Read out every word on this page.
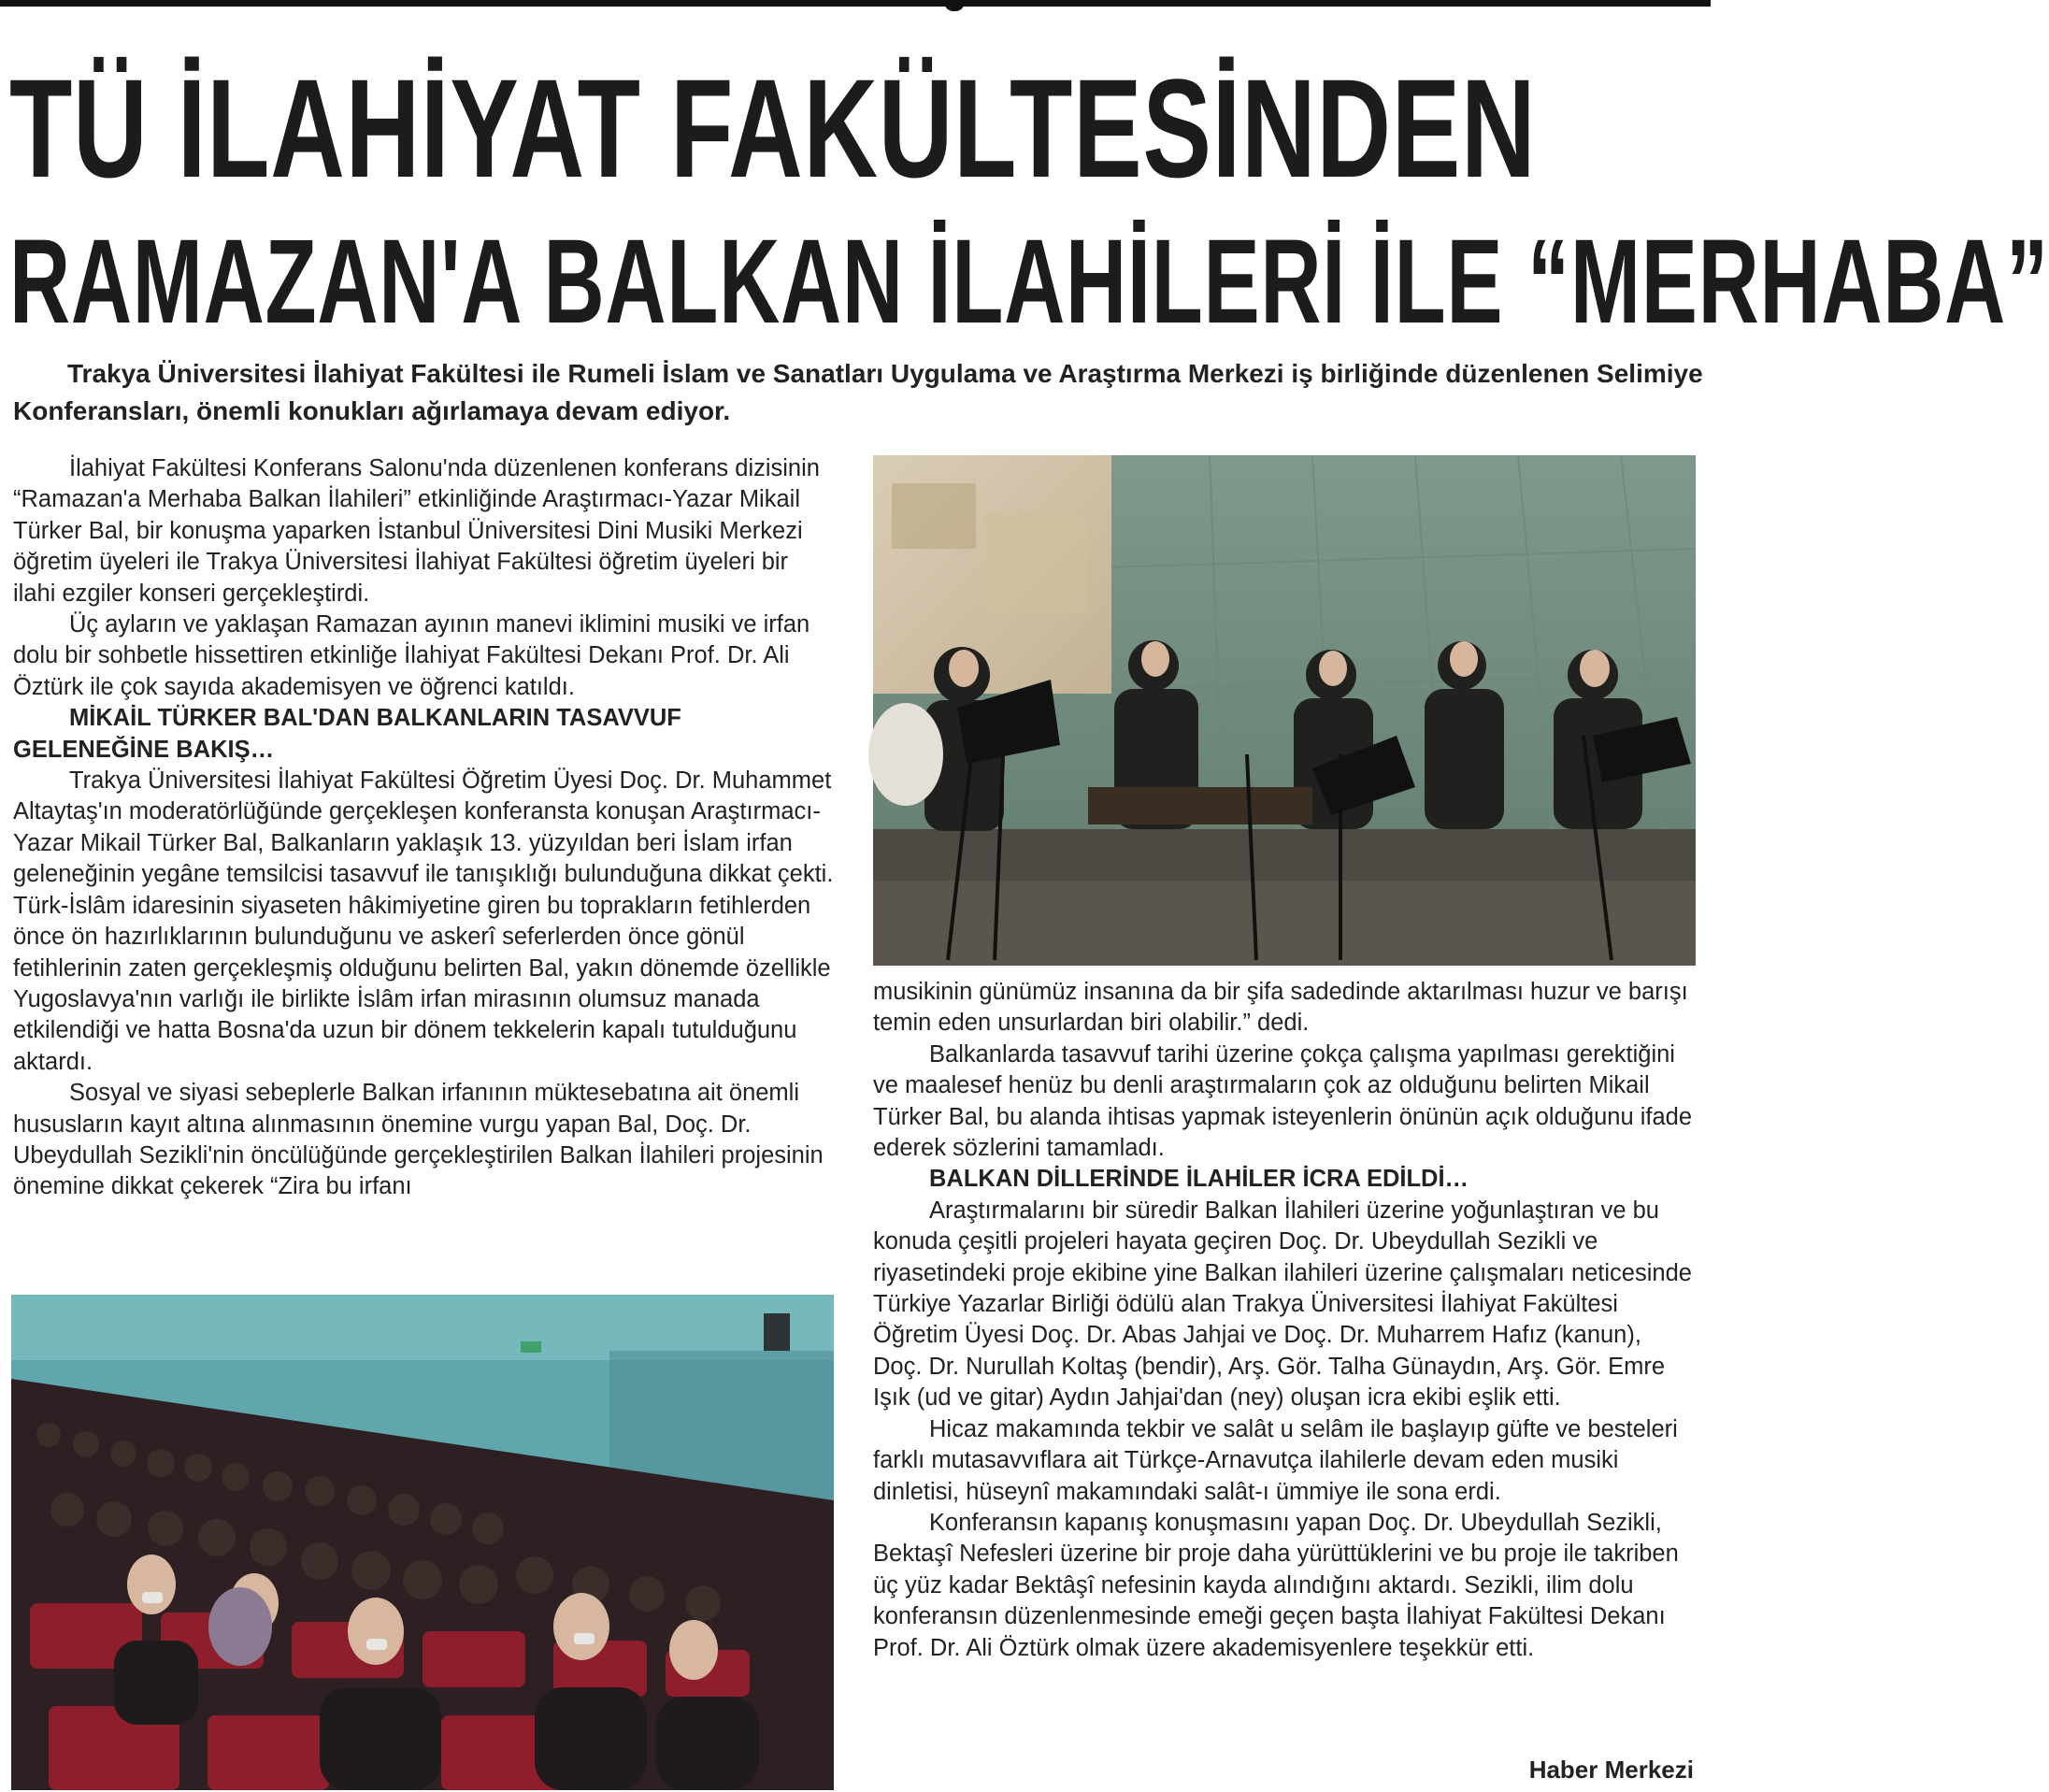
TÜ İLAHİYAT FAKÜLTESİNDEN
RAMAZAN'A BALKAN İLAHİLERİ İLE “MERHABA”

Trakya Üniversitesi İlahiyat Fakültesi ile Rumeli İslam ve Sanatları Uygulama ve Araştırma Merkezi iş birliğinde düzenlenen Selimiye Konferansları, önemli konukları ağırlamaya devam ediyor.

İlahiyat Fakültesi Konferans Salonu'nda düzenlenen konferans dizisinin “Ramazan'a Merhaba Balkan İlahileri” etkinliğinde Araştırmacı-Yazar Mikail Türker Bal, bir konuşma yaparken İstanbul Üniversitesi Dini Musiki Merkezi öğretim üyeleri ile Trakya Üniversitesi İlahiyat Fakültesi öğretim üyeleri bir ilahi ezgiler konseri gerçekleştirdi.

Üç ayların ve yaklaşan Ramazan ayının manevi iklimini musiki ve irfan dolu bir sohbetle hissettiren etkinliğe İlahiyat Fakültesi Dekanı Prof. Dr. Ali Öztürk ile çok sayıda akademisyen ve öğrenci katıldı.

MİKAİL TÜRKER BAL'DAN BALKANLARIN TASAVVUF GELENEĞİNE BAKIŞ…

Trakya Üniversitesi İlahiyat Fakültesi Öğretim Üyesi Doç. Dr. Muhammet Altaytaş'ın moderatörlüğünde gerçekleşen konferansta konuşan Araştırmacı-Yazar Mikail Türker Bal, Balkanların yaklaşık 13. yüzyıldan beri İslam irfan geleneğinin yegâne temsilcisi tasavvuf ile tanışıklığı bulunduğuna dikkat çekti. Türk-İslâm idaresinin siyaseten hâkimiyetine giren bu toprakların fetihlerden önce ön hazırlıklarının bulunduğunu ve askerî seferlerden önce gönül fetihlerinin zaten gerçekleşmiş olduğunu belirten Bal, yakın dönemde özellikle Yugoslavya'nın varlığı ile birlikte İslâm irfan mirasının olumsuz manada etkilendiği ve hatta Bosna'da uzun bir dönem tekkelerin kapalı tutulduğunu aktardı.

Sosyal ve siyasi sebeplerle Balkan irfanının müktesebatına ait önemli hususların kayıt altına alınmasının önemine vurgu yapan Bal, Doç. Dr. Ubeydullah Sezikli'nin öncülüğünde gerçekleştirilen Balkan İlahileri projesinin önemine dikkat çekerek “Zira bu irfanı

musikinin günümüz insanına da bir şifa sadedinde aktarılması huzur ve barışı temin eden unsurlardan biri olabilir.” dedi.

Balkanlarda tasavvuf tarihi üzerine çokça çalışma yapılması gerektiğini ve maalesef henüz bu denli araştırmaların çok az olduğunu belirten Mikail Türker Bal, bu alanda ihtisas yapmak isteyenlerin önünün açık olduğunu ifade ederek sözlerini tamamladı.

BALKAN DİLLERİNDE İLAHİLER İCRA EDİLDİ…

Araştırmalarını bir süredir Balkan İlahileri üzerine yoğunlaştıran ve bu konuda çeşitli projeleri hayata geçiren Doç. Dr. Ubeydullah Sezikli ve riyasetindeki proje ekibine yine Balkan ilahileri üzerine çalışmaları neticesinde Türkiye Yazarlar Birliği ödülü alan Trakya Üniversitesi İlahiyat Fakültesi Öğretim Üyesi Doç. Dr. Abas Jahjai ve Doç. Dr. Muharrem Hafız (kanun), Doç. Dr. Nurullah Koltaş (bendir), Arş. Gör. Talha Günaydın, Arş. Gör. Emre Işık (ud ve gitar) Aydın Jahjai'dan (ney) oluşan icra ekibi eşlik etti.

Hicaz makamında tekbir ve salât u selâm ile başlayıp güfte ve besteleri farklı mutasavvıflara ait Türkçe-Arnavutça ilahilerle devam eden musiki dinletisi, hüseynî makamındaki salât-ı ümmiye ile sona erdi.

Konferansın kapanış konuşmasını yapan Doç. Dr. Ubeydullah Sezikli, Bektaşî Nefesleri üzerine bir proje daha yürüttüklerini ve bu proje ile takriben üç yüz kadar Bektâşî nefesinin kayda alındığını aktardı. Sezikli, ilim dolu konferansın düzenlenmesinde emeği geçen başta İlahiyat Fakültesi Dekanı Prof. Dr. Ali Öztürk olmak üzere akademisyenlere teşekkür etti.

Haber Merkezi
